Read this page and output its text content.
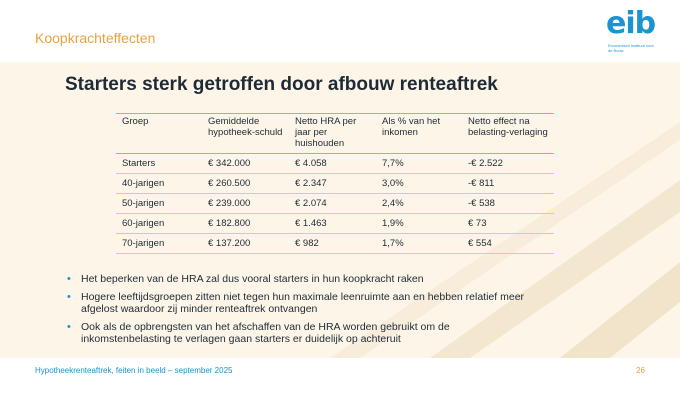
Koopkrachteffecten	eib
Economisch Instituut voor de Bouw
Starters sterk getroffen door afbouw renteaftrek
Groep	Gemiddelde hypotheek-schuld	Netto HRA per jaar per huishouden	Als % van het inkomen	Netto effect na belasting-verlaging
Starters	€ 342.000	€ 4.058	7,7%	-€ 2.522
40-jarigen	€ 260.500	€ 2.347	3,0%	-€ 811
50-jarigen	€ 239.000	€ 2.074	2,4%	-€ 538
60-jarigen	€ 182.800	€ 1.463	1,9%	€ 73
70-jarigen	€ 137.200	€ 982	1,7%	€ 554
• Het beperken van de HRA zal dus vooral starters in hun koopkracht raken
• Hogere leeftijdsgroepen zitten niet tegen hun maximale leenruimte aan en hebben relatief meer afgelost waardoor zij minder renteaftrek ontvangen
• Ook als de opbrengsten van het afschaffen van de HRA worden gebruikt om de inkomstenbelasting te verlagen gaan starters er duidelijk op achteruit
Hypotheekrenteaftrek, feiten in beeld – september 2025	26
